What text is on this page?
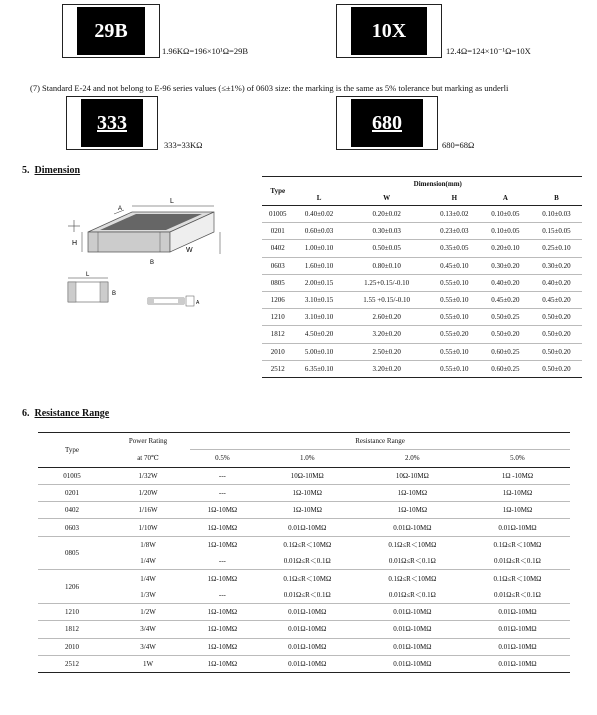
29B
1.96KΩ=196×10¹Ω=29B
10X
12.4Ω=124×10⁻¹Ω=10X
(7) Standard E-24 and not belong to E-96 series values (≤±1%) of 0603 size: the marking is the same as 5% tolerance but marking as underli
333
333=33KΩ
680
680=68Ω
5. Dimension
L
A
W
H
B
L
B
A
Type	Dimension(mm)				
	L	W	H	A	B
01005	0.40±0.02	0.20±0.02	0.13±0.02	0.10±0.05	0.10±0.03
0201	0.60±0.03	0.30±0.03	0.23±0.03	0.10±0.05	0.15±0.05
0402	1.00±0.10	0.50±0.05	0.35±0.05	0.20±0.10	0.25±0.10
0603	1.60±0.10	0.80±0.10	0.45±0.10	0.30±0.20	0.30±0.20
0805	2.00±0.15	1.25+0.15/-0.10	0.55±0.10	0.40±0.20	0.40±0.20
1206	3.10±0.15	1.55 +0.15/-0.10	0.55±0.10	0.45±0.20	0.45±0.20
1210	3.10±0.10	2.60±0.20	0.55±0.10	0.50±0.25	0.50±0.20
1812	4.50±0.20	3.20±0.20	0.55±0.20	0.50±0.20	0.50±0.20
2010	5.00±0.10	2.50±0.20	0.55±0.10	0.60±0.25	0.50±0.20
2512	6.35±0.10	3.20±0.20	0.55±0.10	0.60±0.25	0.50±0.20
6. Resistance Range
Type	Power Rating	Resistance Range			
	at 70℃	0.5%	1.0%	2.0%	5.0%
01005	1/32W	---	10Ω-10MΩ	10Ω-10MΩ	1Ω -10MΩ
0201	1/20W	---	1Ω-10MΩ	1Ω-10MΩ	1Ω-10MΩ
0402	1/16W	1Ω-10MΩ	1Ω-10MΩ	1Ω-10MΩ	1Ω-10MΩ
0603	1/10W	1Ω-10MΩ	0.01Ω-10MΩ	0.01Ω-10MΩ	0.01Ω-10MΩ
0805	1/8W	1Ω-10MΩ	0.1Ω≤R＜10MΩ	0.1Ω≤R＜10MΩ	0.1Ω≤R＜10MΩ
	1/4W	---	0.01Ω≤R＜0.1Ω	0.01Ω≤R＜0.1Ω	0.01Ω≤R＜0.1Ω
1206	1/4W	1Ω-10MΩ	0.1Ω≤R＜10MΩ	0.1Ω≤R＜10MΩ	0.1Ω≤R＜10MΩ
	1/3W	---	0.01Ω≤R＜0.1Ω	0.01Ω≤R＜0.1Ω	0.01Ω≤R＜0.1Ω
1210	1/2W	1Ω-10MΩ	0.01Ω-10MΩ	0.01Ω-10MΩ	0.01Ω-10MΩ
1812	3/4W	1Ω-10MΩ	0.01Ω-10MΩ	0.01Ω-10MΩ	0.01Ω-10MΩ
2010	3/4W	1Ω-10MΩ	0.01Ω-10MΩ	0.01Ω-10MΩ	0.01Ω-10MΩ
2512	1W	1Ω-10MΩ	0.01Ω-10MΩ	0.01Ω-10MΩ	0.01Ω-10MΩ
